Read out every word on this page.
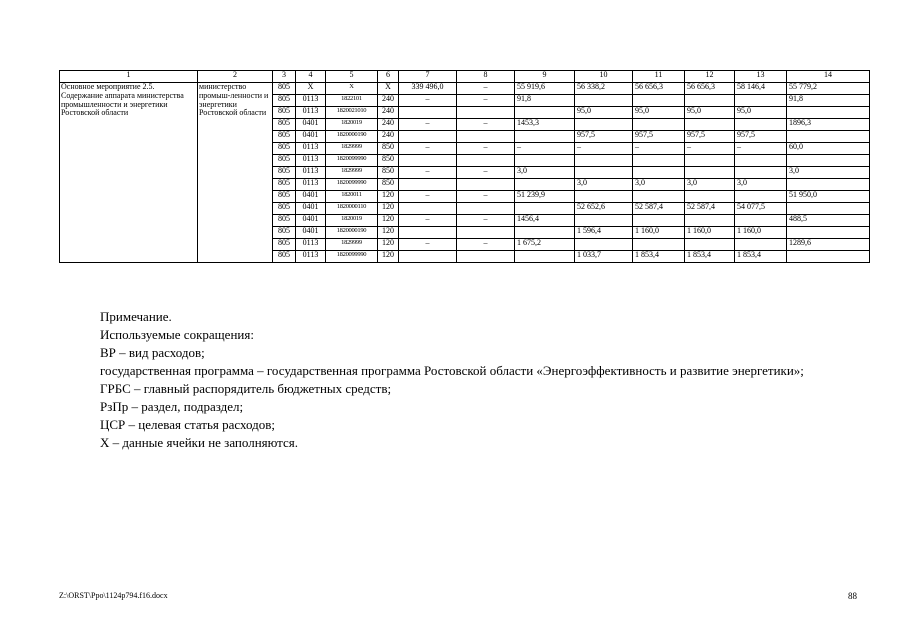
1	2	3	4	5	6	7	8	9	10	11	12	13	14
Основное мероприятие 2.5. Содержание аппарата министерства промышленности и энергетики Ростовской области	министерство промыш-ленности и энергетики Ростовской области	805	X	X	X	339 496,0	–	55 919,6	56 338,2	56 656,3	56 656,3	58 146,4	55 779,2
		805	0113	1822101	240	–	–	91,8					91,8
		805	0113	1820021010	240				95,0	95,0	95,0	95,0	
		805	0401	1820019	240	–	–	1453,3					1896,3
		805	0401	1820000190	240				957,5	957,5	957,5	957,5	
		805	0113	1829999	850	–	–	–	–	–	–	–	60,0
		805	0113	1820099990	850								
		805	0113	1829999	850	–	–	3,0					3,0
		805	0113	1820099990	850				3,0	3,0	3,0	3,0	
		805	0401	1820011	120	–	–	51 239,9					51 950,0
		805	0401	1820000110	120				52 652,6	52 587,4	52 587,4	54 077,5	
		805	0401	1820019	120	–	–	1456,4					488,5
		805	0401	1820000190	120				1 596,4	1 160,0	1 160,0	1 160,0	
		805	0113	1829999	120	–	–	1 675,2					1289,6
		805	0113	1820099990	120				1 033,7	1 853,4	1 853,4	1 853,4	

Примечание.

Используемые сокращения:

ВР – вид расходов;

государственная программа – государственная программа Ростовской области «Энергоэффективность и развитие энергетики»;

ГРБС – главный распорядитель бюджетных средств;

РзПр – раздел, подраздел;

ЦСР – целевая статья расходов;

Х – данные ячейки не заполняются.

Z:\ORST\Ppo\1124p794.f16.docx	88
